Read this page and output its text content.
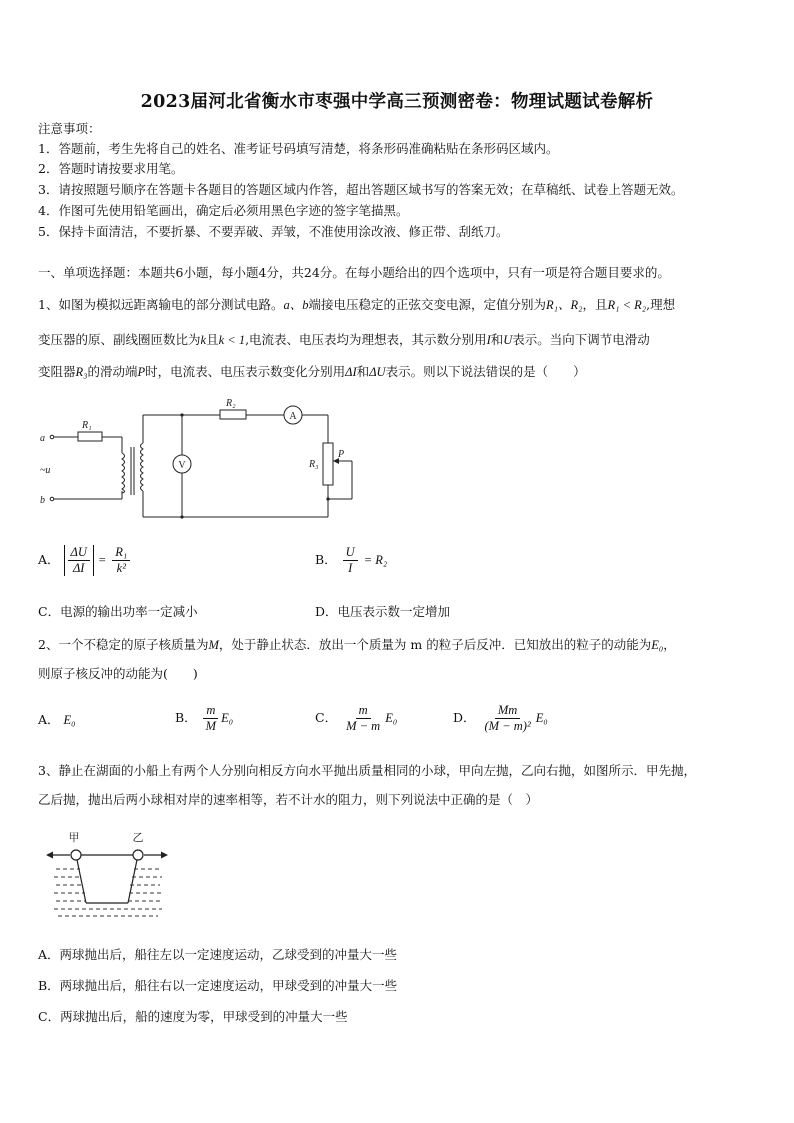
2023届河北省衡水市枣强中学高三预测密卷：物理试题试卷解析
注意事项：
1．答题前，考生先将自己的姓名、准考证号码填写清楚，将条形码准确粘贴在条形码区域内。
2．答题时请按要求用笔。
3．请按照题号顺序在答题卡各题目的答题区域内作答，超出答题区域书写的答案无效；在草稿纸、试卷上答题无效。
4．作图可先使用铅笔画出，确定后必须用黑色字迹的签字笔描黑。
5．保持卡面清洁，不要折暴、不要弄破、弄皱，不准使用涂改液、修正带、刮纸刀。
一、单项选择题：本题共6小题，每小题4分，共24分。在每小题给出的四个选项中，只有一项是符合题目要求的。
1、如图为模拟远距离输电的部分测试电路。a、b端接电压稳定的正弦交变电源，定值分别为R₁、R₂，且R₁ < R₂,理想
变压器的原、副线圈匝数比为k且k < 1,电流表、电压表均为理想表，其示数分别用I和U表示。当向下调节电滑动
变阻器R₃的滑动端P时，电流表、电压表示数变化分别用ΔI和ΔU表示。则以下说法错误的是（　　）
a
b
~u
R₁
R₂
R₃
P
A
V
A． $\frac{\Delta U}{\Delta I} = \frac{\text{R₁}}{\text{k²}}$	B． $\frac{U}{I} = R_2$
C．电源的输出功率一定减小	D．电压表示数一定增加
2、一个不稳定的原子核质量为M，处于静止状态．放出一个质量为 m 的粒子后反冲．已知放出的粒子的动能为E₀，
则原子核反冲的动能为(　　)
A． E₀	B． $\frac{m}{M} E_0$	C． $\frac{m}{M - m} E_0$	D． $\frac{Mm}{\text{(M − m)²}} E_0$
3、静止在湖面的小船上有两个人分别向相反方向水平抛出质量相同的小球，甲向左抛，乙向右抛，如图所示．甲先抛，
乙后抛，抛出后两小球相对岸的速率相等，若不计水的阻力，则下列说法中正确的是（　）
甲	乙
A．两球抛出后，船往左以一定速度运动，乙球受到的冲量大一些
B．两球抛出后，船往右以一定速度运动，甲球受到的冲量大一些
C．两球抛出后，船的速度为零，甲球受到的冲量大一些
